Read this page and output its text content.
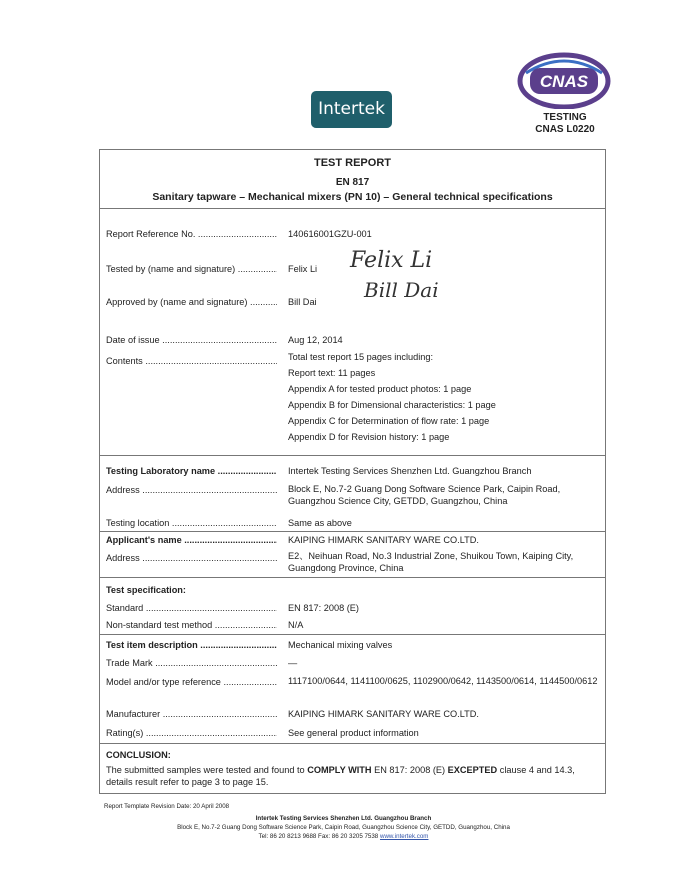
Intertek
CNAS
TESTING
CNAS L0220
TEST REPORT
EN 817
Sanitary tapware – Mechanical mixers (PN 10) – General technical specifications
Report Reference No. .....	140616001GZU-001
Tested by (name and signature) .....	Felix Li Felix Li
Approved by (name and signature) .....	Bill Dai Bill Dai
Date of issue .....	Aug 12, 2014
Contents .....	Total test report 15 pages including:
Report text: 11 pages
Appendix A for tested product photos: 1 page
Appendix B for Dimensional characteristics: 1 page
Appendix C for Determination of flow rate: 1 page
Appendix D for Revision history: 1 page
Testing Laboratory name .....	Intertek Testing Services Shenzhen Ltd. Guangzhou Branch
Address .....	Block E, No.7-2 Guang Dong Software Science Park, Caipin Road, Guangzhou Science City, GETDD, Guangzhou, China
Testing location .....	Same as above
Applicant's name .....	KAIPING HIMARK SANITARY WARE CO.LTD.
Address .....	E2、Neihuan Road, No.3 Industrial Zone, Shuikou Town, Kaiping City, Guangdong Province, China
Test specification:
Standard .....	EN 817: 2008 (E)
Non-standard test method .....	N/A
Test item description .....	Mechanical mixing valves
Trade Mark .....	—
Model and/or type reference .....	1117100/0644, 1141100/0625, 1102900/0642, 1143500/0614, 1144500/0612
Manufacturer .....	KAIPING HIMARK SANITARY WARE CO.LTD.
Rating(s) .....	See general product information
CONCLUSION:
The submitted samples were tested and found to COMPLY WITH EN 817: 2008 (E) EXCEPTED clause 4 and 14.3, details result refer to page 3 to page 15.
Report Template Revision Date: 20 April 2008
Intertek Testing Services Shenzhen Ltd. Guangzhou Branch
Block E, No.7-2 Guang Dong Software Science Park, Caipin Road, Guangzhou Science City, GETDD, Guangzhou, China
Tel: 86 20 8213 9688 Fax: 86 20 3205 7538 www.intertek.com
